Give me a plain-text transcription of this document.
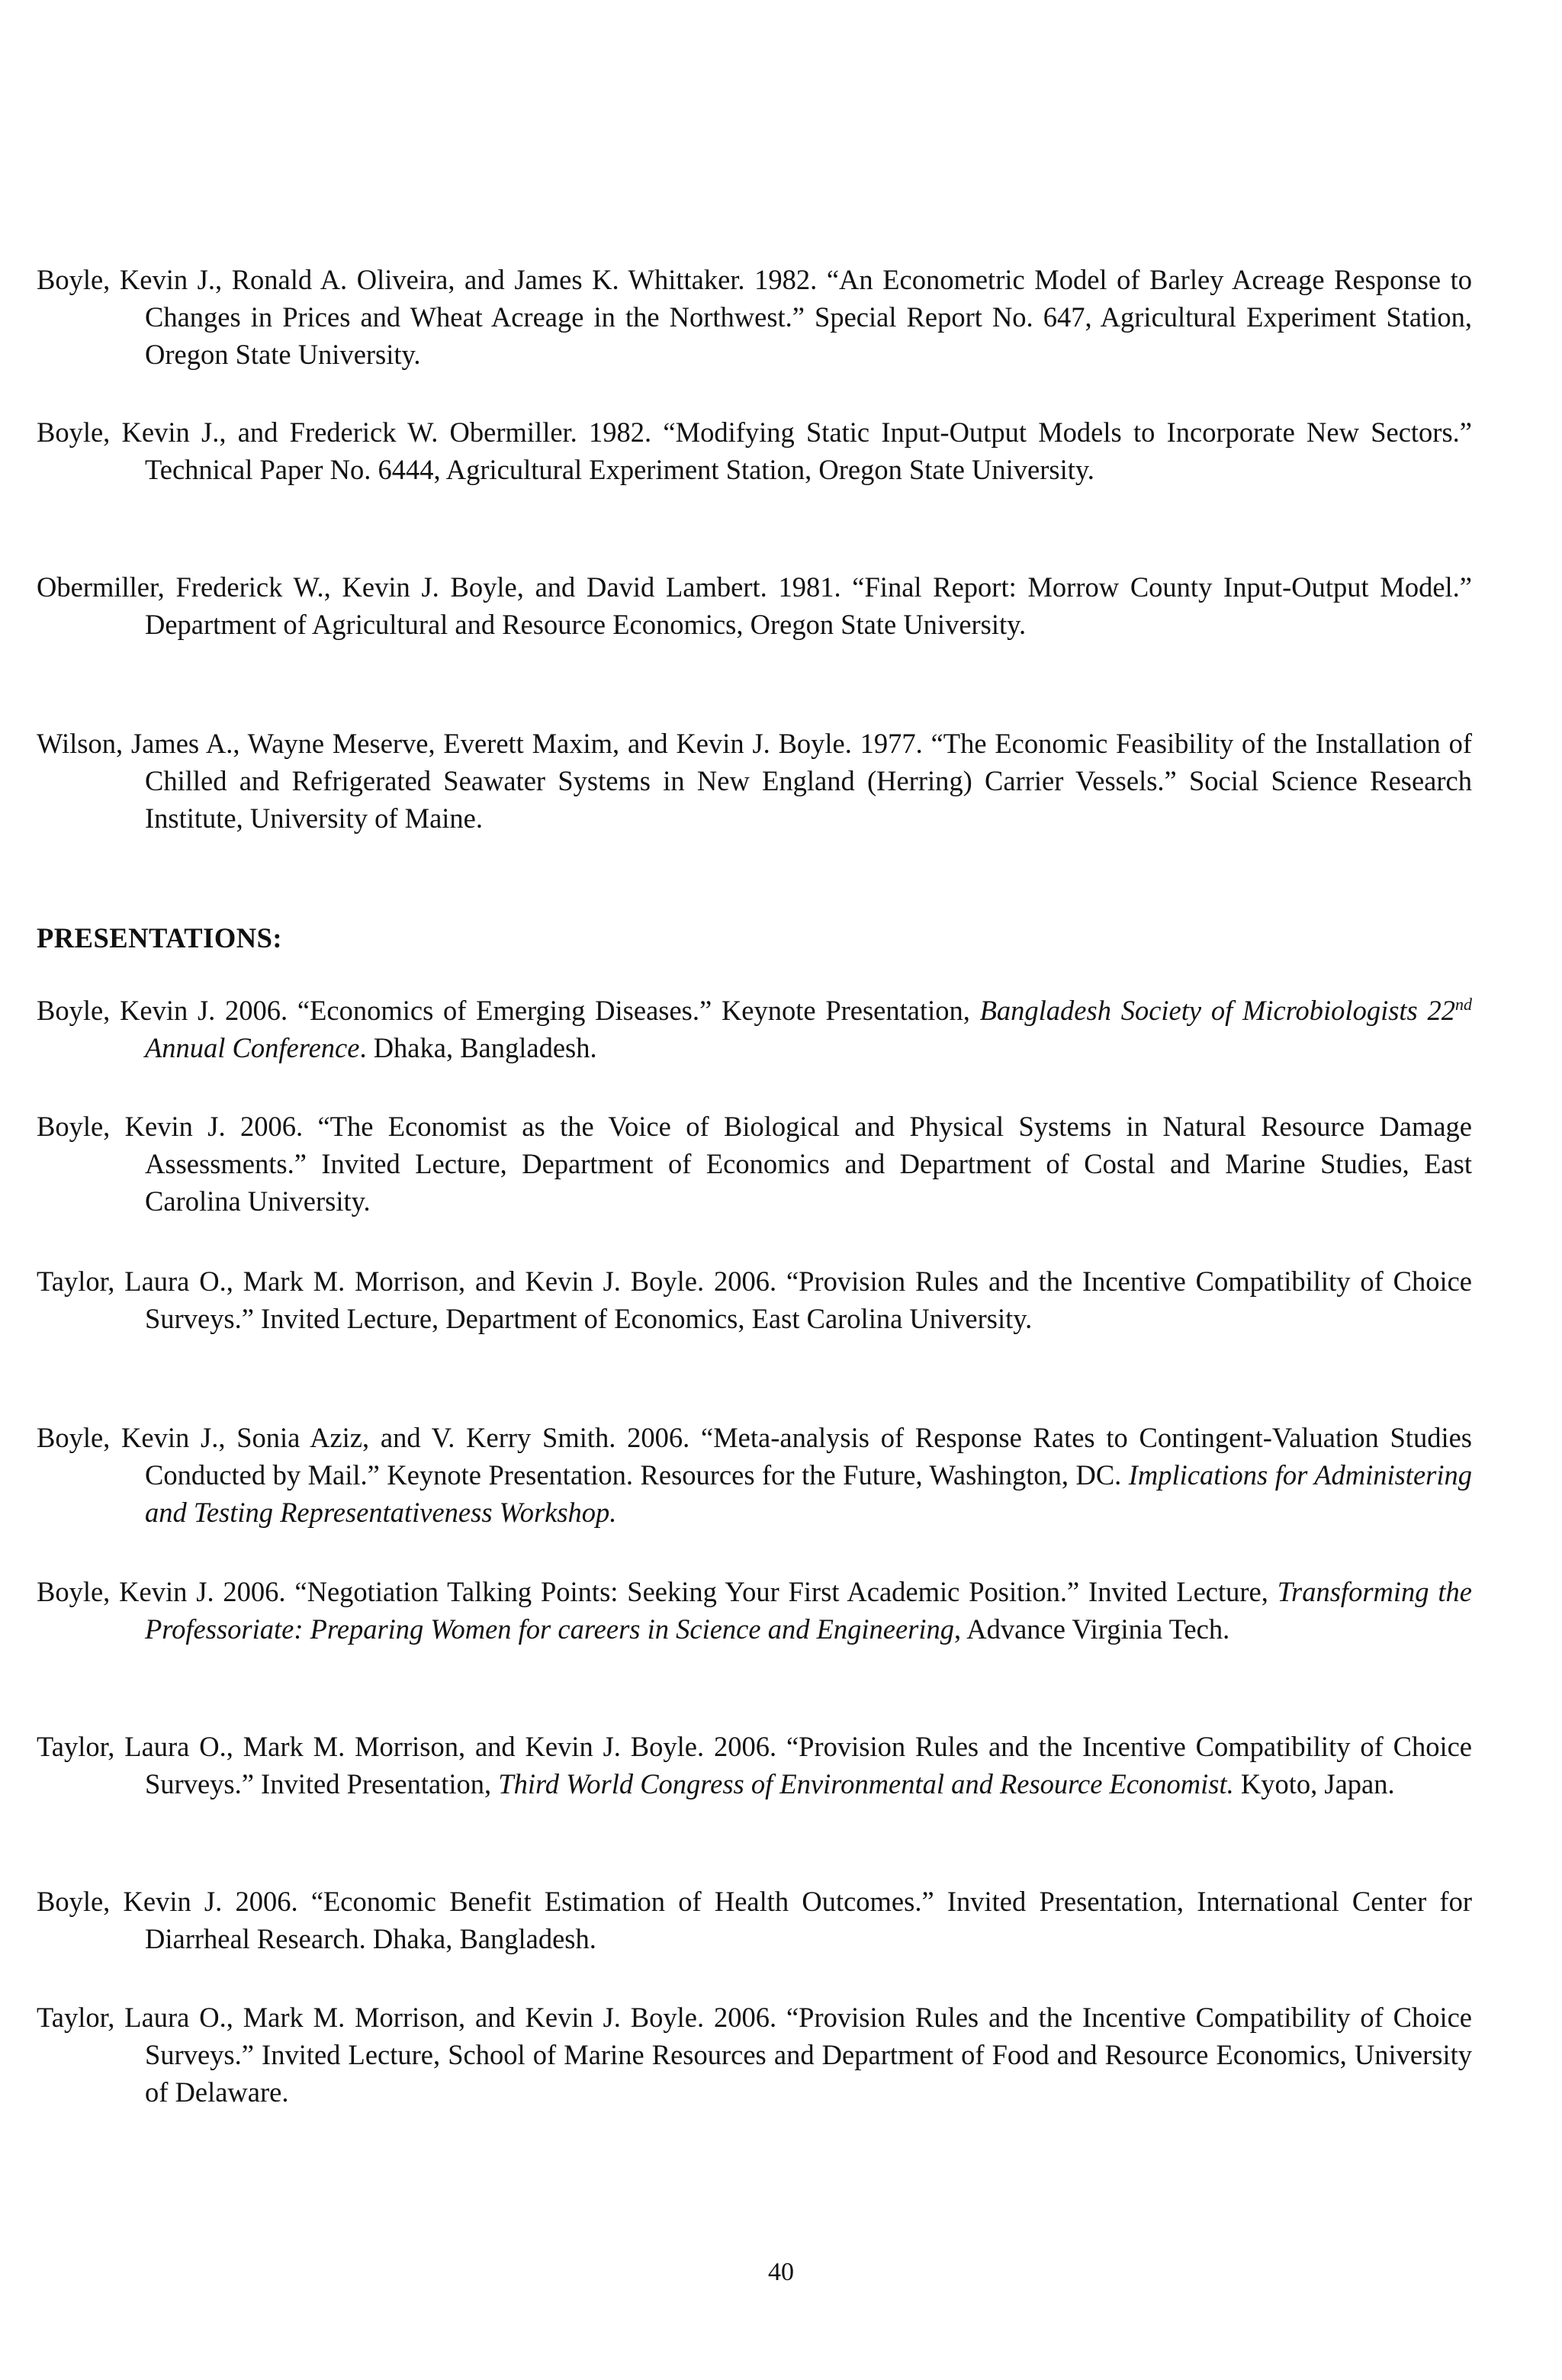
Boyle, Kevin J., Ronald A. Oliveira, and James K. Whittaker. 1982. “An Econometric Model of Barley Acreage Response to Changes in Prices and Wheat Acreage in the Northwest.” Special Report No. 647, Agricultural Experiment Station, Oregon State University.
Boyle, Kevin J., and Frederick W. Obermiller. 1982. “Modifying Static Input-Output Models to Incorporate New Sectors.” Technical Paper No. 6444, Agricultural Experiment Station, Oregon State University.
Obermiller, Frederick W., Kevin J. Boyle, and David Lambert. 1981. “Final Report: Morrow County Input-Output Model.” Department of Agricultural and Resource Economics, Oregon State University.
Wilson, James A., Wayne Meserve, Everett Maxim, and Kevin J. Boyle. 1977. “The Economic Feasibility of the Installation of Chilled and Refrigerated Seawater Systems in New England (Herring) Carrier Vessels.” Social Science Research Institute, University of Maine.
PRESENTATIONS:
Boyle, Kevin J. 2006. “Economics of Emerging Diseases.” Keynote Presentation, Bangladesh Society of Microbiologists 22nd Annual Conference. Dhaka, Bangladesh.
Boyle, Kevin J. 2006. “The Economist as the Voice of Biological and Physical Systems in Natural Resource Damage Assessments.” Invited Lecture, Department of Economics and Department of Costal and Marine Studies, East Carolina University.
Taylor, Laura O., Mark M. Morrison, and Kevin J. Boyle. 2006. “Provision Rules and the Incentive Compatibility of Choice Surveys.” Invited Lecture, Department of Economics, East Carolina University.
Boyle, Kevin J., Sonia Aziz, and V. Kerry Smith. 2006. “Meta-analysis of Response Rates to Contingent-Valuation Studies Conducted by Mail.” Keynote Presentation. Resources for the Future, Washington, DC. Implications for Administering and Testing Representativeness Workshop.
Boyle, Kevin J. 2006. “Negotiation Talking Points: Seeking Your First Academic Position.” Invited Lecture, Transforming the Professoriate: Preparing Women for careers in Science and Engineering, Advance Virginia Tech.
Taylor, Laura O., Mark M. Morrison, and Kevin J. Boyle. 2006. “Provision Rules and the Incentive Compatibility of Choice Surveys.” Invited Presentation, Third World Congress of Environmental and Resource Economist. Kyoto, Japan.
Boyle, Kevin J. 2006. “Economic Benefit Estimation of Health Outcomes.” Invited Presentation, International Center for Diarrheal Research. Dhaka, Bangladesh.
Taylor, Laura O., Mark M. Morrison, and Kevin J. Boyle. 2006. “Provision Rules and the Incentive Compatibility of Choice Surveys.” Invited Lecture, School of Marine Resources and Department of Food and Resource Economics, University of Delaware.
40
